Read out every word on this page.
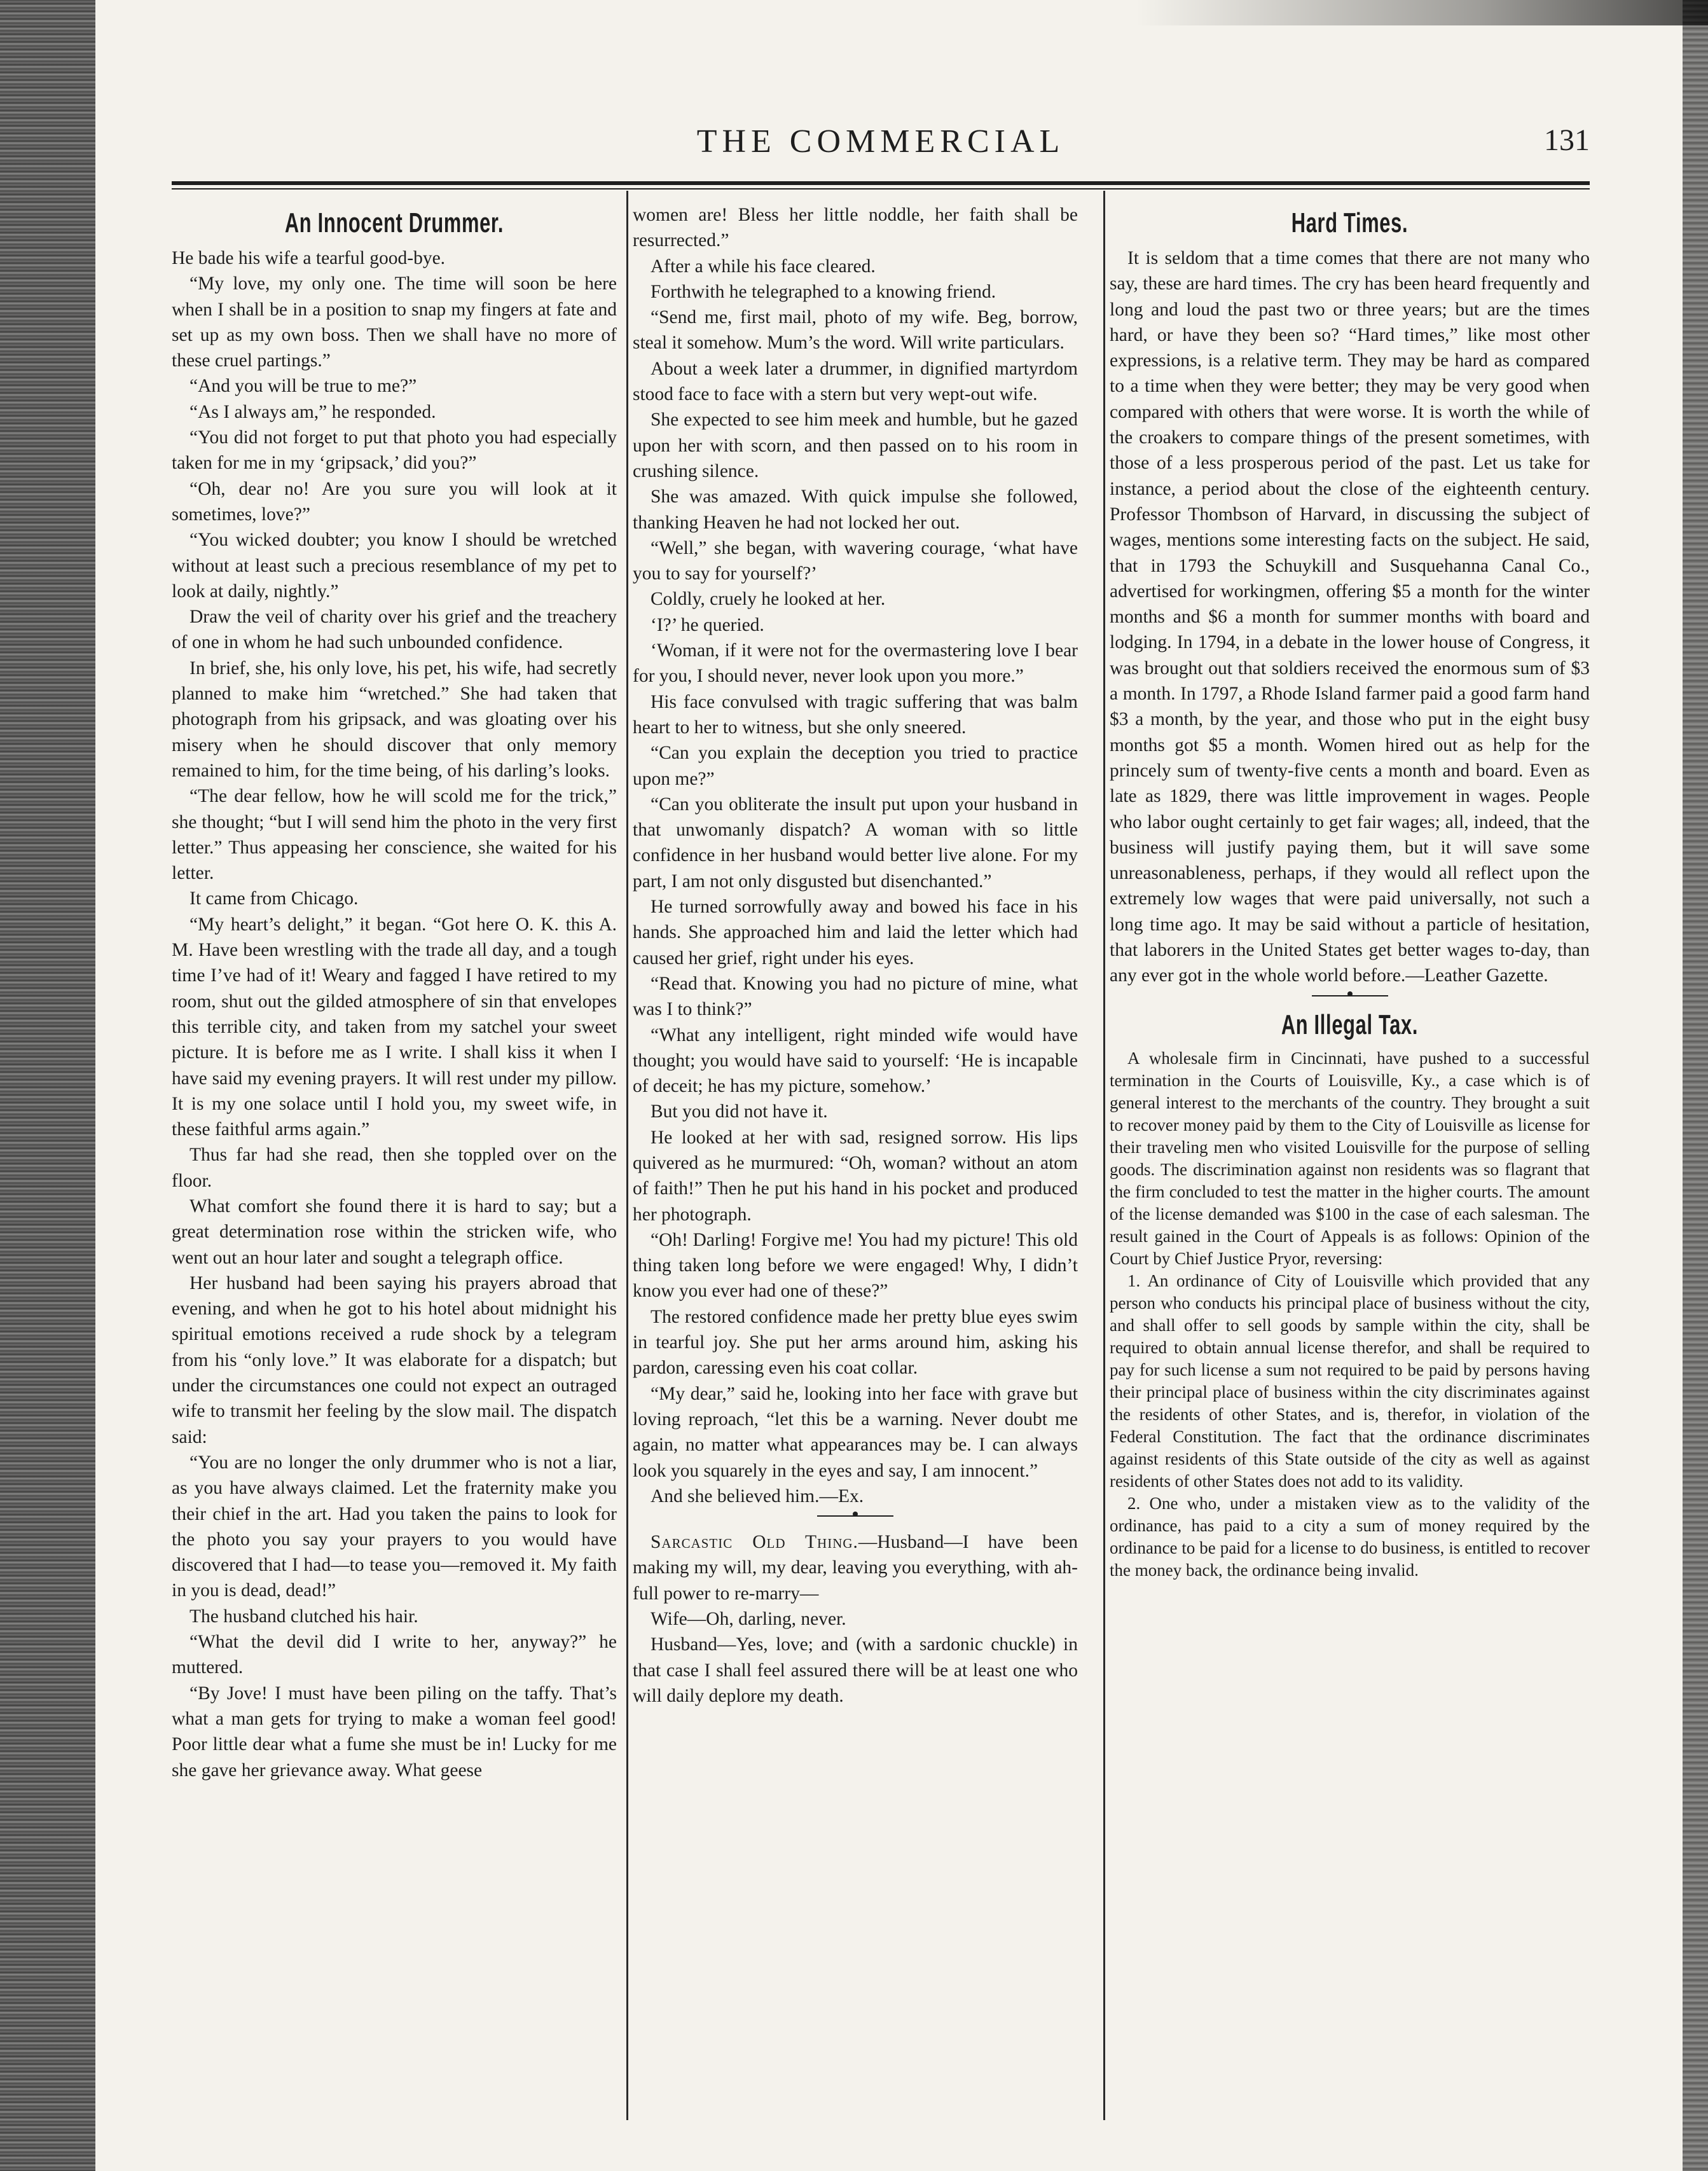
THE COMMERCIAL	131
An Innocent Drummer.

He bade his wife a tearful good-bye.

“My love, my only one. The time will soon be here when I shall be in a position to snap my fingers at fate and set up as my own boss. Then we shall have no more of these cruel partings.”

“And you will be true to me?”

“As I always am,” he responded.

“You did not forget to put that photo you had especially taken for me in my ‘gripsack,’ did you?”

“Oh, dear no! Are you sure you will look at it sometimes, love?”

“You wicked doubter; you know I should be wretched without at least such a precious resemblance of my pet to look at daily, nightly.”

Draw the veil of charity over his grief and the treachery of one in whom he had such unbounded confidence.

In brief, she, his only love, his pet, his wife, had secretly planned to make him “wretched.” She had taken that photograph from his gripsack, and was gloating over his misery when he should discover that only memory remained to him, for the time being, of his darling’s looks.

“The dear fellow, how he will scold me for the trick,” she thought; “but I will send him the photo in the very first letter.” Thus appeasing her conscience, she waited for his letter.

It came from Chicago.

“My heart’s delight,” it began. “Got here O. K. this A. M. Have been wrestling with the trade all day, and a tough time I’ve had of it! Weary and fagged I have retired to my room, shut out the gilded atmosphere of sin that envelopes this terrible city, and taken from my satchel your sweet picture. It is before me as I write. I shall kiss it when I have said my evening prayers. It will rest under my pillow. It is my one solace until I hold you, my sweet wife, in these faithful arms again.”

Thus far had she read, then she toppled over on the floor.

What comfort she found there it is hard to say; but a great determination rose within the stricken wife, who went out an hour later and sought a telegraph office.

Her husband had been saying his prayers abroad that evening, and when he got to his hotel about midnight his spiritual emotions received a rude shock by a telegram from his “only love.” It was elaborate for a dispatch; but under the circumstances one could not expect an outraged wife to transmit her feeling by the slow mail. The dispatch said:

“You are no longer the only drummer who is not a liar, as you have always claimed. Let the fraternity make you their chief in the art. Had you taken the pains to look for the photo you say your prayers to you would have discovered that I had—to tease you—removed it. My faith in you is dead, dead!”

The husband clutched his hair.

“What the devil did I write to her, anyway?” he muttered.

“By Jove! I must have been piling on the taffy. That’s what a man gets for trying to make a woman feel good! Poor little dear what a fume she must be in! Lucky for me she gave her grievance away. What geese

women are! Bless her little noddle, her faith shall be resurrected.”

After a while his face cleared.

Forthwith he telegraphed to a knowing friend.

“Send me, first mail, photo of my wife. Beg, borrow, steal it somehow. Mum’s the word. Will write particulars.

About a week later a drummer, in dignified martyrdom stood face to face with a stern but very wept-out wife.

She expected to see him meek and humble, but he gazed upon her with scorn, and then passed on to his room in crushing silence.

She was amazed. With quick impulse she followed, thanking Heaven he had not locked her out.

“Well,” she began, with wavering courage, ‘what have you to say for yourself?’

Coldly, cruely he looked at her.

‘I?’ he queried.

‘Woman, if it were not for the overmastering love I bear for you, I should never, never look upon you more.”

His face convulsed with tragic suffering that was balm heart to her to witness, but she only sneered.

“Can you explain the deception you tried to practice upon me?”

“Can you obliterate the insult put upon your husband in that unwomanly dispatch? A woman with so little confidence in her husband would better live alone. For my part, I am not only disgusted but disenchanted.”

He turned sorrowfully away and bowed his face in his hands. She approached him and laid the letter which had caused her grief, right under his eyes.

“Read that. Knowing you had no picture of mine, what was I to think?”

“What any intelligent, right minded wife would have thought; you would have said to yourself: ‘He is incapable of deceit; he has my picture, somehow.’

But you did not have it.

He looked at her with sad, resigned sorrow. His lips quivered as he murmured: “Oh, woman? without an atom of faith!” Then he put his hand in his pocket and produced her photograph.

“Oh! Darling! Forgive me! You had my picture! This old thing taken long before we were engaged! Why, I didn’t know you ever had one of these?”

The restored confidence made her pretty blue eyes swim in tearful joy. She put her arms around him, asking his pardon, caressing even his coat collar.

“My dear,” said he, looking into her face with grave but loving reproach, “let this be a warning. Never doubt me again, no matter what appearances may be. I can always look you squarely in the eyes and say, I am innocent.”

And she believed him.—Ex.

Sarcastic Old Thing.—Husband—I have been making my will, my dear, leaving you everything, with ah-full power to re-marry—

Wife—Oh, darling, never.

Husband—Yes, love; and (with a sardonic chuckle) in that case I shall feel assured there will be at least one who will daily deplore my death.

Hard Times.

It is seldom that a time comes that there are not many who say, these are hard times. The cry has been heard frequently and long and loud the past two or three years; but are the times hard, or have they been so? “Hard times,” like most other expressions, is a relative term. They may be hard as compared to a time when they were better; they may be very good when compared with others that were worse. It is worth the while of the croakers to compare things of the present sometimes, with those of a less prosperous period of the past. Let us take for instance, a period about the close of the eighteenth century. Professor Thombson of Harvard, in discussing the subject of wages, mentions some interesting facts on the subject. He said, that in 1793 the Schuykill and Susquehanna Canal Co., advertised for workingmen, offering $5 a month for the winter months and $6 a month for summer months with board and lodging. In 1794, in a debate in the lower house of Congress, it was brought out that soldiers received the enormous sum of $3 a month. In 1797, a Rhode Island farmer paid a good farm hand $3 a month, by the year, and those who put in the eight busy months got $5 a month. Women hired out as help for the princely sum of twenty-five cents a month and board. Even as late as 1829, there was little improvement in wages. People who labor ought certainly to get fair wages; all, indeed, that the business will justify paying them, but it will save some unreasonableness, perhaps, if they would all reflect upon the extremely low wages that were paid universally, not such a long time ago. It may be said without a particle of hesitation, that laborers in the United States get better wages to-day, than any ever got in the whole world before.—Leather Gazette.

An Illegal Tax.

A wholesale firm in Cincinnati, have pushed to a successful termination in the Courts of Louisville, Ky., a case which is of general interest to the merchants of the country. They brought a suit to recover money paid by them to the City of Louisville as license for their traveling men who visited Louisville for the purpose of selling goods. The discrimination against non residents was so flagrant that the firm concluded to test the matter in the higher courts. The amount of the license demanded was $100 in the case of each salesman. The result gained in the Court of Appeals is as follows: Opinion of the Court by Chief Justice Pryor, reversing:

1. An ordinance of City of Louisville which provided that any person who conducts his principal place of business without the city, and shall offer to sell goods by sample within the city, shall be required to obtain annual license therefor, and shall be required to pay for such license a sum not required to be paid by persons having their principal place of business within the city discriminates against the residents of other States, and is, therefor, in violation of the Federal Constitution. The fact that the ordinance discriminates against residents of this State outside of the city as well as against residents of other States does not add to its validity.

2. One who, under a mistaken view as to the validity of the ordinance, has paid to a city a sum of money required by the ordinance to be paid for a license to do business, is entitled to recover the money back, the ordinance being invalid.
